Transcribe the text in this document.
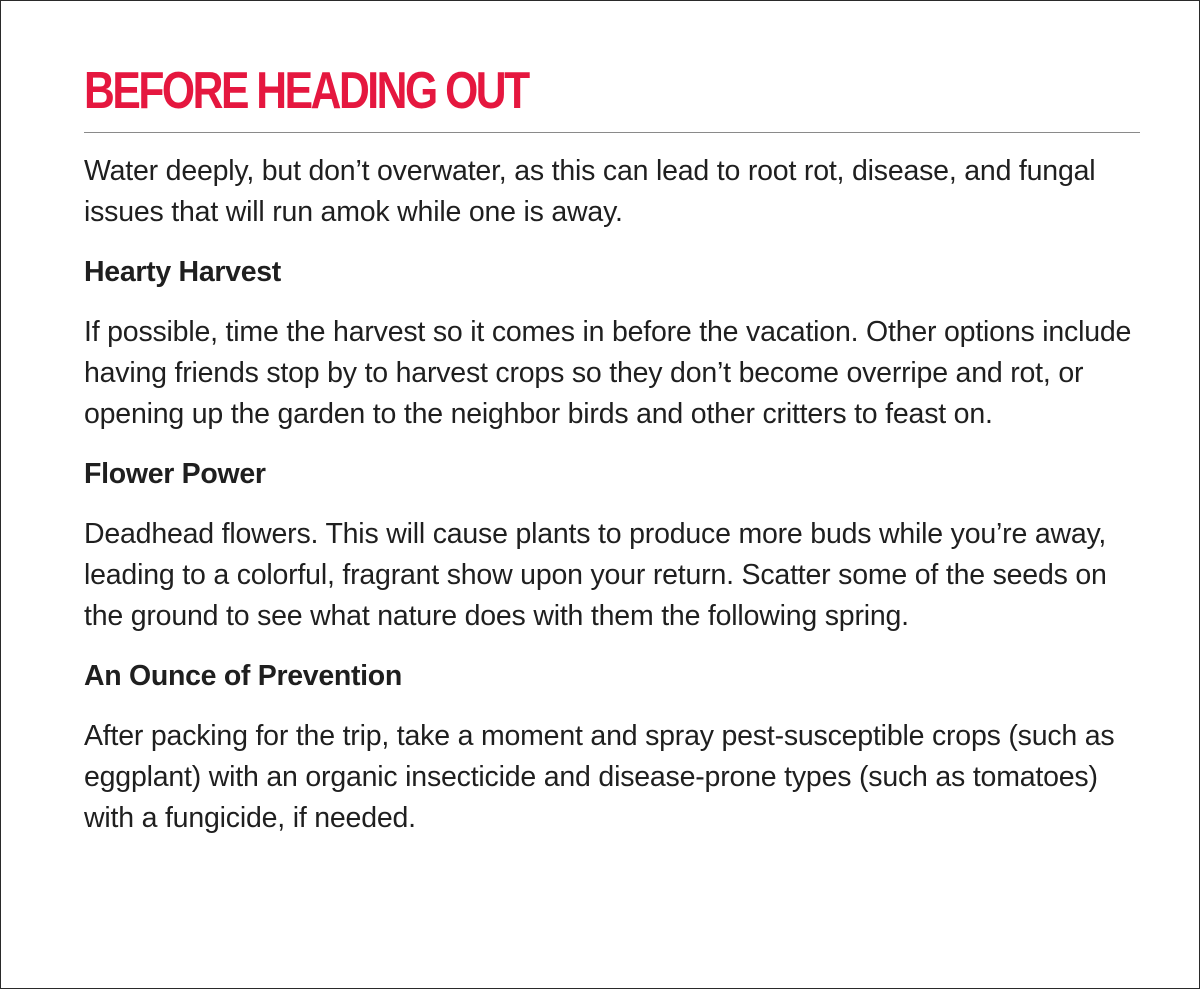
BEFORE HEADING OUT

Water deeply, but don’t overwater, as this can lead to root rot, disease, and fungal issues that will run amok while one is away.

Hearty Harvest

If possible, time the harvest so it comes in before the vacation. Other options include having friends stop by to harvest crops so they don’t become overripe and rot, or opening up the garden to the neighbor birds and other critters to feast on.

Flower Power

Deadhead flowers. This will cause plants to produce more buds while you’re away, leading to a colorful, fragrant show upon your return. Scatter some of the seeds on the ground to see what nature does with them the following spring.

An Ounce of Prevention

After packing for the trip, take a moment and spray pest-susceptible crops (such as eggplant) with an organic insecticide and disease-prone types (such as tomatoes) with a fungicide, if needed.
